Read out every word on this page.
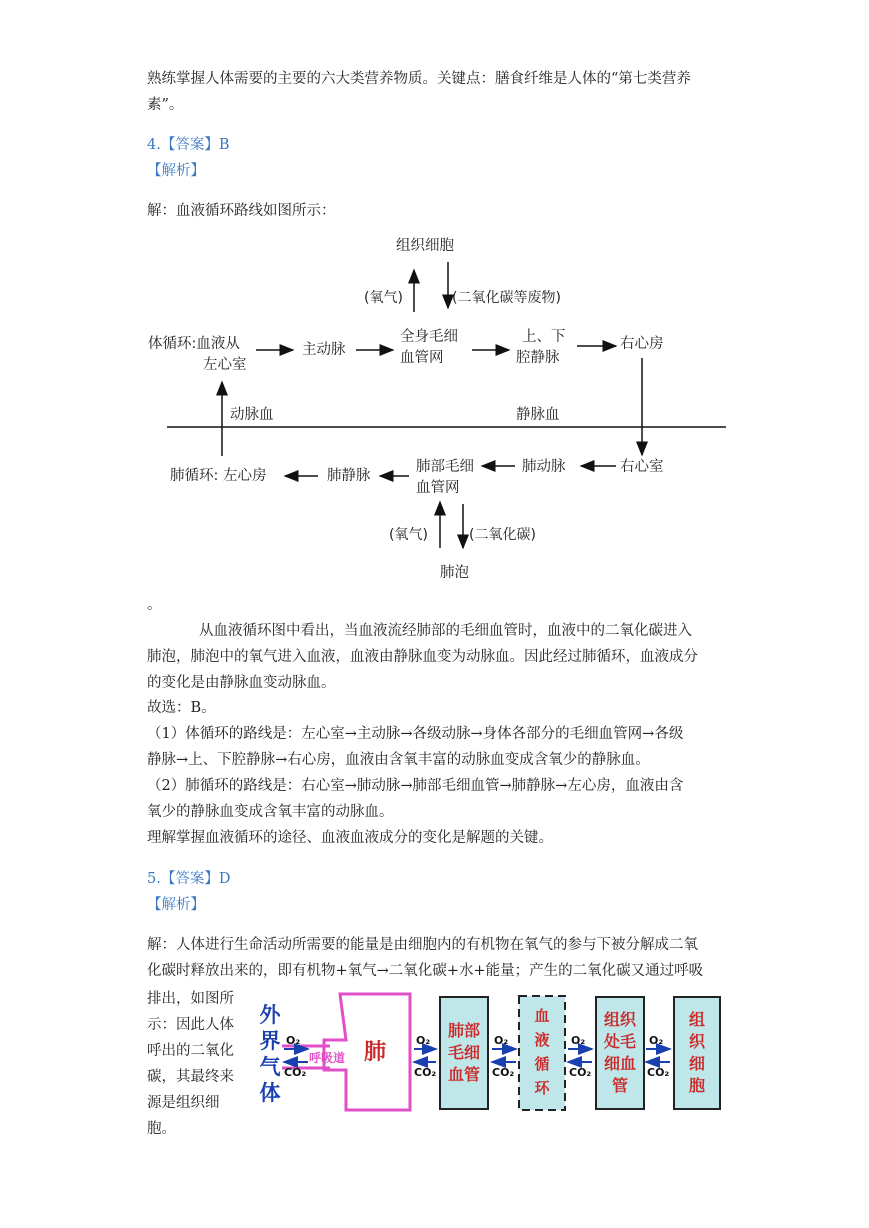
熟练掌握人体需要的主要的六大类营养物质。关键点：膳食纤维是人体的“第七类营养
素”。
4.【答案】B
【解析】
解：血液循环路线如图所示：
组织细胞
(氧气)	(二氧化碳等废物)
体循环:血液从
左心室
主动脉
全身毛细
血管网
上、下
腔静脉
右心房
动脉血	静脉血
肺循环: 左心房	肺静脉
肺部毛细
血管网
肺动脉	右心室
(氧气)	(二氧化碳)
肺泡
。
从血液循环图中看出，当血液流经肺部的毛细血管时，血液中的二氧化碳进入
肺泡，肺泡中的氧气进入血液，血液由静脉血变为动脉血。因此经过肺循环，血液成分
的变化是由静脉血变动脉血。
故选：B。
（1）体循环的路线是：左心室→主动脉→各级动脉→身体各部分的毛细血管网→各级
静脉→上、下腔静脉→右心房，血液由含氧丰富的动脉血变成含氧少的静脉血。
（2）肺循环的路线是：右心室→肺动脉→肺部毛细血管→肺静脉→左心房，血液由含
氧少的静脉血变成含氧丰富的动脉血。
理解掌握血液循环的途径、血液血液成分的变化是解题的关键。
5.【答案】D
【解析】
解：人体进行生命活动所需要的能量是由细胞内的有机物在氧气的参与下被分解成二氧
化碳时释放出来的，即有机物+氧气→二氧化碳+水+能量；产生的二氧化碳又通过呼吸
排出，如图所
示：因此人体
呼出的二氧化
碳，其最终来
源是组织细
胞。
外
界
气
体
O₂
CO₂
呼吸道 肺	O₂
CO₂
肺部
毛细
血管
O₂
CO₂
血
液
循
环
O₂
CO₂
组织
处毛
细血
管
O₂
CO₂
组
织
细
胞
